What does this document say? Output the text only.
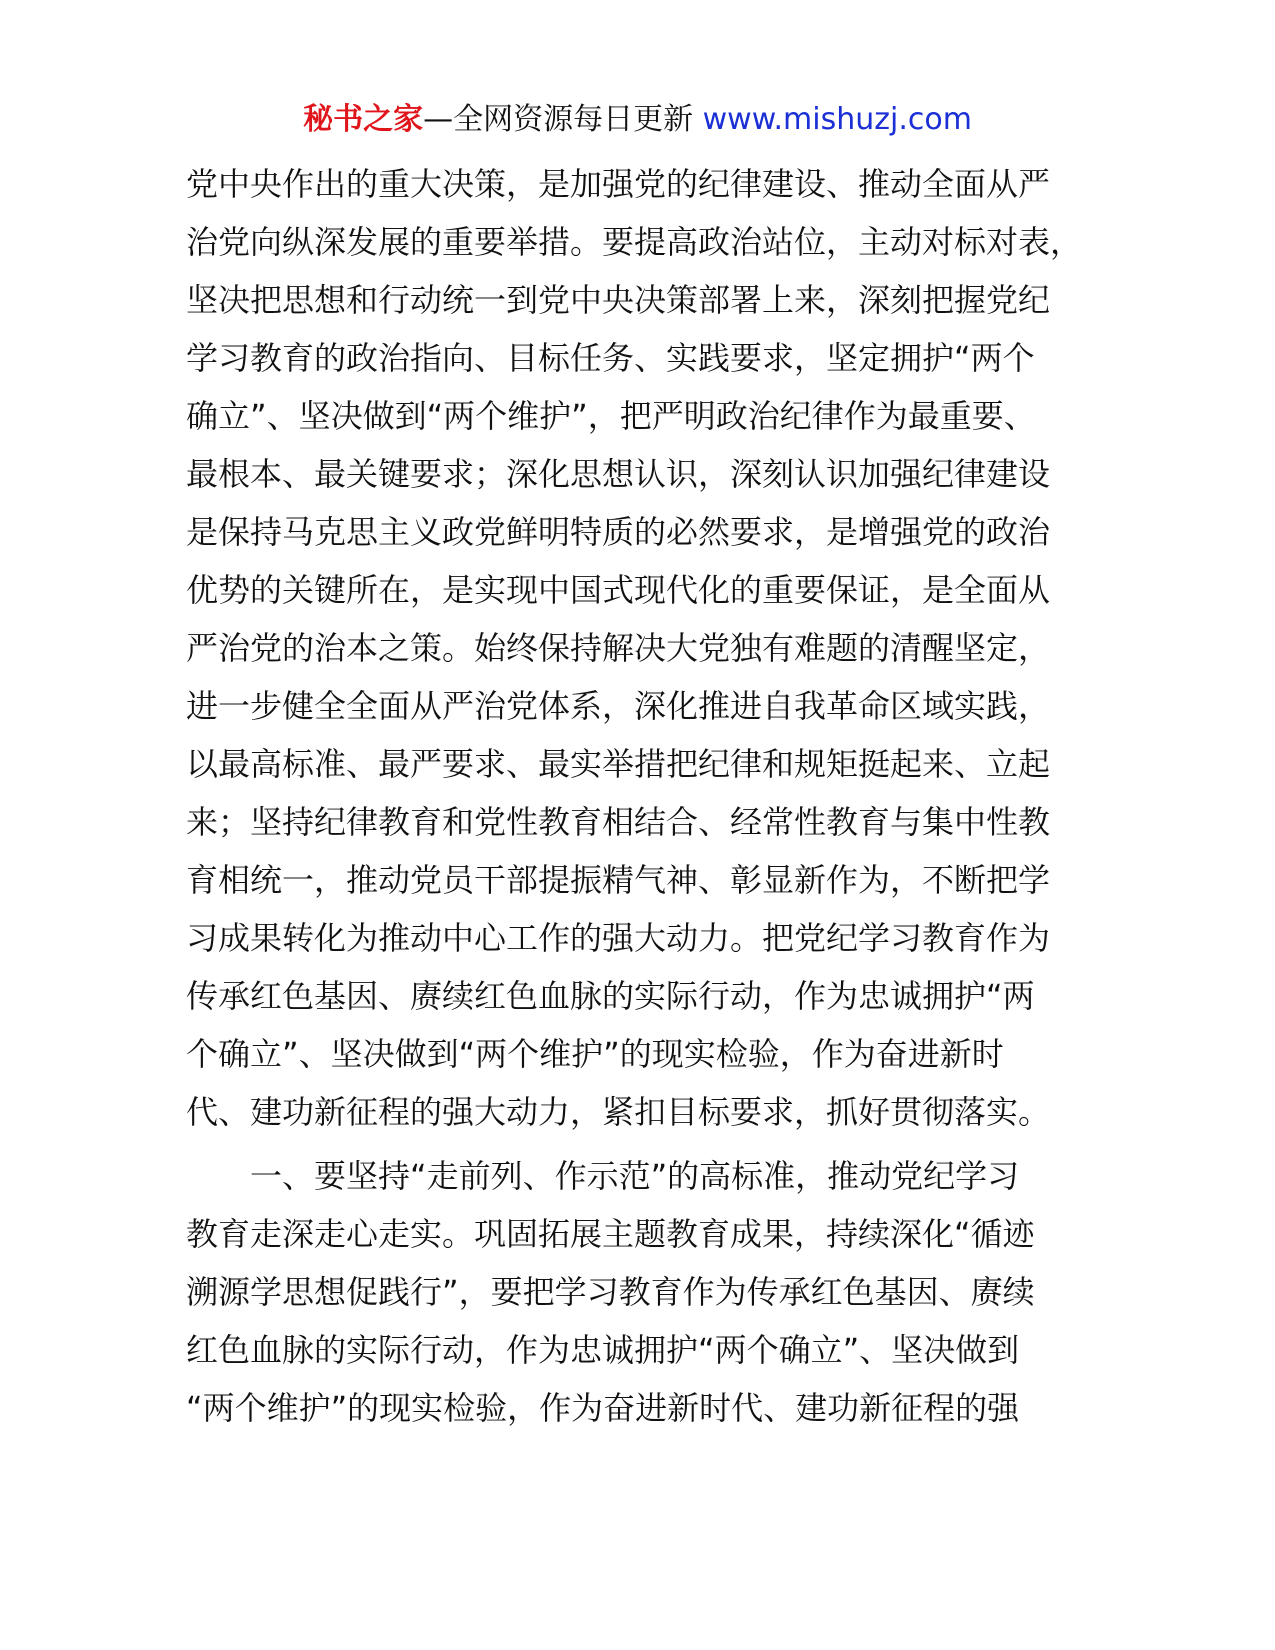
秘书之家—全网资源每日更新 www.mishuzj.com
党中央作出的重大决策，是加强党的纪律建设、推动全面从严
治党向纵深发展的重要举措。要提高政治站位，主动对标对表，
坚决把思想和行动统一到党中央决策部署上来，深刻把握党纪
学习教育的政治指向、目标任务、实践要求，坚定拥护“两个
确立”、坚决做到“两个维护”，把严明政治纪律作为最重要、
最根本、最关键要求；深化思想认识，深刻认识加强纪律建设
是保持马克思主义政党鲜明特质的必然要求，是增强党的政治
优势的关键所在，是实现中国式现代化的重要保证，是全面从
严治党的治本之策。始终保持解决大党独有难题的清醒坚定，
进一步健全全面从严治党体系，深化推进自我革命区域实践，
以最高标准、最严要求、最实举措把纪律和规矩挺起来、立起
来；坚持纪律教育和党性教育相结合、经常性教育与集中性教
育相统一，推动党员干部提振精气神、彰显新作为，不断把学
习成果转化为推动中心工作的强大动力。把党纪学习教育作为
传承红色基因、赓续红色血脉的实际行动，作为忠诚拥护“两
个确立”、坚决做到“两个维护”的现实检验，作为奋进新时
代、建功新征程的强大动力，紧扣目标要求，抓好贯彻落实。
　　一、要坚持“走前列、作示范”的高标准，推动党纪学习
教育走深走心走实。巩固拓展主题教育成果，持续深化“循迹
溯源学思想促践行”，要把学习教育作为传承红色基因、赓续
红色血脉的实际行动，作为忠诚拥护“两个确立”、坚决做到
“两个维护”的现实检验，作为奋进新时代、建功新征程的强
